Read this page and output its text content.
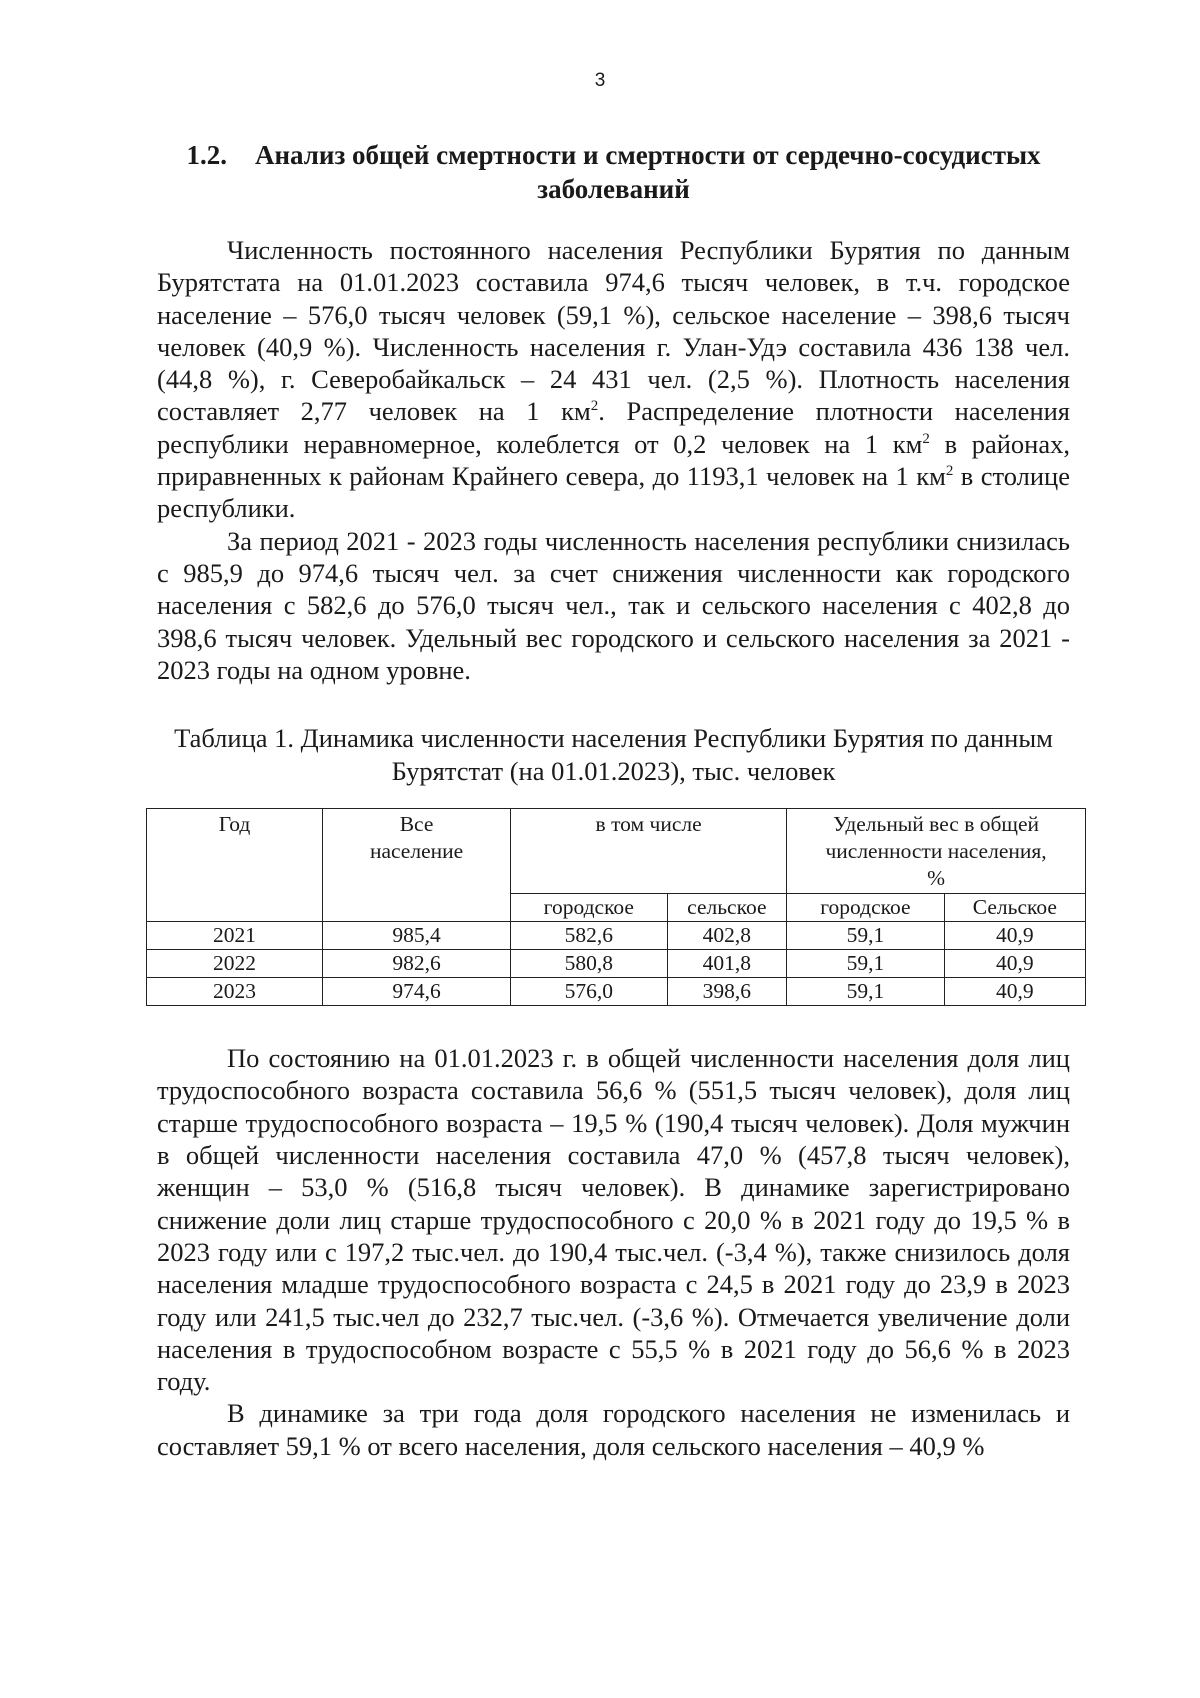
3
1.2. Анализ общей смертности и смертности от сердечно-сосудистых заболеваний

Численность постоянного населения Республики Бурятия по данным Бурятстата на 01.01.2023 составила 974,6 тысяч человек, в т.ч. городское население – 576,0 тысяч человек (59,1 %), сельское население – 398,6 тысяч человек (40,9 %). Численность населения г. Улан-Удэ составила 436 138 чел. (44,8 %), г. Северобайкальск – 24 431 чел. (2,5 %). Плотность населения составляет 2,77 человек на 1 $км^2$. Распределение плотности населения республики неравномерное, колеблется от 0,2 человек на 1 $км^2$ в районах, приравненных к районам Крайнего севера, до 1193,1 человек на 1 $км^2$ в столице республики.

За период 2021 - 2023 годы численность населения республики снизилась с 985,9 до 974,6 тысяч чел. за счет снижения численности как городского населения с 582,6 до 576,0 тысяч чел., так и сельского населения с 402,8 до 398,6 тысяч человек. Удельный вес городского и сельского населения за 2021 - 2023 годы на одном уровне.

Таблица 1. Динамика численности населения Республики Бурятия по данным Бурятстат (на 01.01.2023), тыс. человек
Год	Все население	в том числе		Удельный вес в общей численности населения, %	
		городское	сельское	городское	Сельское
2021	985,4	582,6	402,8	59,1	40,9
2022	982,6	580,8	401,8	59,1	40,9
2023	974,6	576,0	398,6	59,1	40,9

По состоянию на 01.01.2023 г. в общей численности населения доля лиц трудоспособного возраста составила 56,6 % (551,5 тысяч человек), доля лиц старше трудоспособного возраста – 19,5 % (190,4 тысяч человек). Доля мужчин в общей численности населения составила 47,0 % (457,8 тысяч человек), женщин – 53,0 % (516,8 тысяч человек). В динамике зарегистрировано снижение доли лиц старше трудоспособного с 20,0 % в 2021 году до 19,5 % в 2023 году или с 197,2 тыс.чел. до 190,4 тыс.чел. (-3,4 %), также снизилось доля населения младше трудоспособного возраста с 24,5 в 2021 году до 23,9 в 2023 году или 241,5 тыс.чел до 232,7 тыс.чел. (-3,6 %). Отмечается увеличение доли населения в трудоспособном возрасте с 55,5 % в 2021 году до 56,6 % в 2023 году.

В динамике за три года доля городского населения не изменилась и составляет 59,1 % от всего населения, доля сельского населения – 40,9 %
